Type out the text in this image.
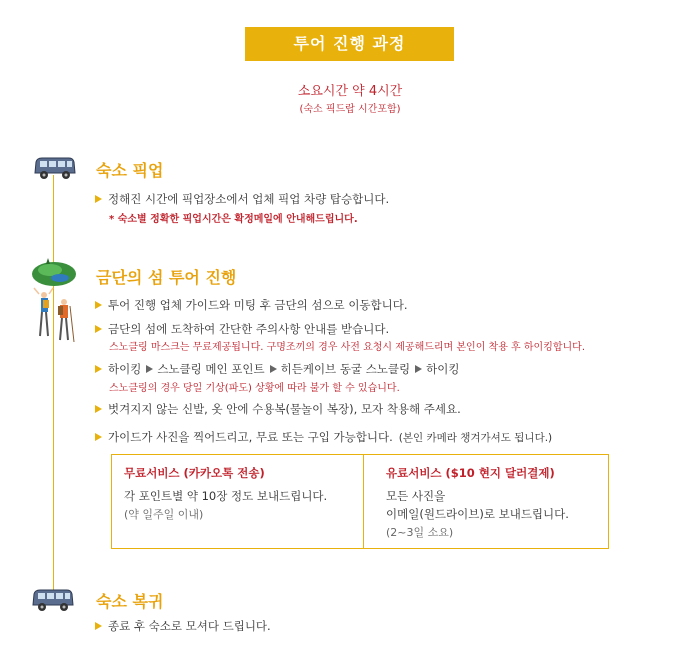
투어 진행 과정
소요시간 약 4시간
(숙소 픽드랍 시간포함)
숙소 픽업
정해진 시간에 픽업장소에서 업체 픽업 차량 탑승합니다.
* 숙소별 정확한 픽업시간은 확정메일에 안내해드립니다.
금단의 섬 투어 진행
투어 진행 업체 가이드와 미팅 후 금단의 섬으로 이동합니다.
금단의 섬에 도착하여 간단한 주의사항 안내를 받습니다.
스노클링 마스크는 무료제공됩니다. 구명조끼의 경우 사전 요청시 제공해드리며 본인이 착용 후 하이킹합니다.
하이킹 스노클링 메인 포인트 히든케이브 동굴 스노클링 하이킹
스노클링의 경우 당일 기상(파도) 상황에 따라 불가 할 수 있습니다.
벗겨지지 않는 신발, 옷 안에 수용복(물놀이 복장), 모자 착용해 주세요.
가이드가 사진을 찍어드리고, 무료 또는 구입 가능합니다. (본인 카메라 챙겨가셔도 됩니다.)
무료서비스 (카카오톡 전송)
각 포인트별 약 10장 정도 보내드립니다.
(약 일주일 이내)
유료서비스 ($10 현지 달러결제)
모든 사진을
이메일(원드라이브)로 보내드립니다.
(2~3일 소요)
숙소 복귀
종료 후 숙소로 모셔다 드립니다.
